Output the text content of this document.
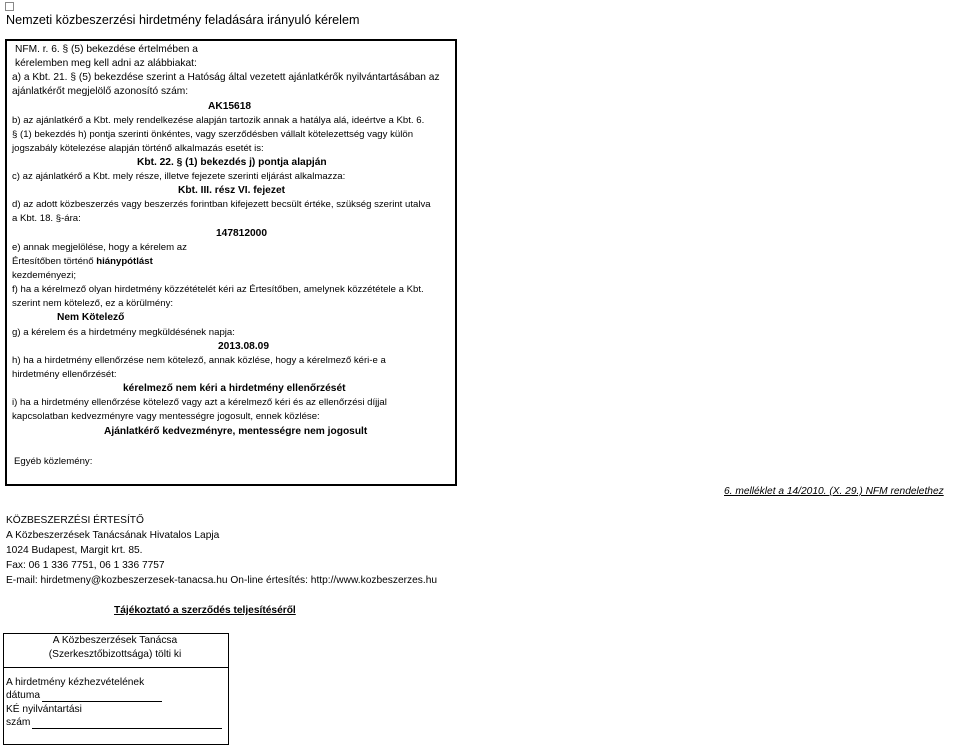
Nemzeti közbeszerzési hirdetmény feladására irányuló kérelem
NFM. r. 6. § (5) bekezdése értelmében a
kérelemben meg kell adni az alábbiakat:
a) a Kbt. 21. § (5) bekezdése szerint a Hatóság által vezetett ajánlatkérők nyilvántartásában az
ajánlatkérőt megjelölő azonosító szám:
AK15618
b) az ajánlatkérő a Kbt. mely rendelkezése alapján tartozik annak a hatálya alá, ideértve a Kbt. 6.
§ (1) bekezdés h) pontja szerinti önkéntes, vagy szerződésben vállalt kötelezettség vagy külön
jogszabály kötelezése alapján történő alkalmazás esetét is:
Kbt. 22. § (1) bekezdés j) pontja alapján
c) az ajánlatkérő a Kbt. mely része, illetve fejezete szerinti eljárást alkalmazza:
Kbt. III. rész VI. fejezet
d) az adott közbeszerzés vagy beszerzés forintban kifejezett becsült értéke, szükség szerint utalva
a Kbt. 18. §-ára:
147812000
e) annak megjelölése, hogy a kérelem az
Értesítőben történő hiánypótlást
kezdeményezi;
f) ha a kérelmező olyan hirdetmény közzétételét kéri az Értesítőben, amelynek közzététele a Kbt.
szerint nem kötelező, ez a körülmény:
Nem Kötelező
g) a kérelem és a hirdetmény megküldésének napja:
2013.08.09
h) ha a hirdetmény ellenőrzése nem kötelező, annak közlése, hogy a kérelmező kéri-e a
hirdetmény ellenőrzését:
kérelmező nem kéri a hirdetmény ellenőrzését
i) ha a hirdetmény ellenőrzése kötelező vagy azt a kérelmező kéri és az ellenőrzési díjjal
kapcsolatban kedvezményre vagy mentességre jogosult, ennek közlése:
Ajánlatkérő kedvezményre, mentességre nem jogosult
Egyéb közlemény:
6. melléklet a 14/2010. (X. 29.) NFM rendelethez
KÖZBESZERZÉSI ÉRTESÍTŐ
A Közbeszerzések Tanácsának Hivatalos Lapja
1024 Budapest, Margit krt. 85.
Fax: 06 1 336 7751, 06 1 336 7757
E-mail: hirdetmeny@kozbeszerzesek-tanacsa.hu On-line értesítés: http://www.kozbeszerzes.hu
Tájékoztató a szerződés teljesítéséről
A Közbeszerzések Tanácsa
(Szerkesztőbizottsága) tölti ki
A hirdetmény kézhezvételének
dátuma
KÉ nyilvántartási
szám
